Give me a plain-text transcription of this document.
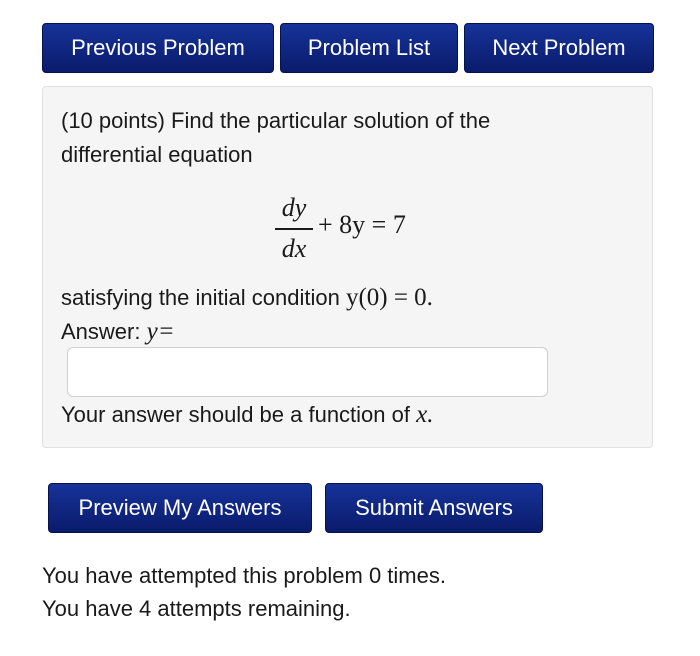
Previous Problem	Problem List	Next Problem
(10 points) Find the particular solution of the differential equation
dy
dx
+ 8y = 7
satisfying the initial condition y(0) = 0.
Answer: y=
Your answer should be a function of x.
Preview My Answers	Submit Answers
You have attempted this problem 0 times.
You have 4 attempts remaining.
